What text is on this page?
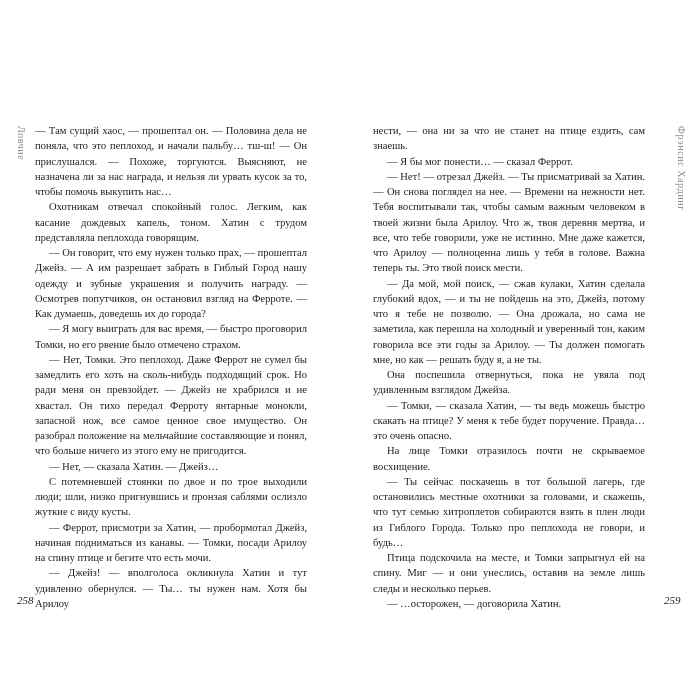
Ловчие — Там сущий хаос, — прошептал он. — Половина дела не поняла, что это пеплоход, и начали пальбу… тш-ш! — Он прислушался. — Похоже, торгуются. Выясняют, не назначена ли за нас награда, и нельзя ли урвать кусок за то, чтобы помочь выкупить нас…

Охотникам отвечал спокойный голос. Легким, как касание дождевых капель, тоном. Хатин с трудом представляла пеплохода говорящим.

— Он говорит, что ему нужен только прах, — прошептал Джейз. — А им разрешает забрать в Гиблый Город нашу одежду и зубные украшения и получить награду. — Осмотрев попутчиков, он остановил взгляд на Ферроте. — Как думаешь, доведешь их до города?

— Я могу выиграть для вас время, — быстро проговорил Томки, но его рвение было отмечено страхом.

— Нет, Томки. Это пеплоход. Даже Феррот не сумел бы замедлить его хоть на сколь-нибудь подходящий срок. Но ради меня он превзойдет. — Джейз не храбрился и не хвастал. Он тихо передал Ферроту янтарные монокли, запасной нож, все самое ценное свое имущество. Он разобрал положение на мельчайшие составляющие и понял, что больше ничего из этого ему не пригодится.

— Нет, — сказала Хатин. — Джейз…

С потемневшей стоянки по двое и по трое выходили люди; шли, низко пригнувшись и пронзая саблями ослизло жуткие с виду кусты.

— Феррот, присмотри за Хатин, — пробормотал Джейз, начиная подниматься из канавы. — Томки, посади Арилоу на спину птице и бегите что есть мочи.

— Джейз! — вполголоса окликнула Хатин и тут удивленно обернулся. — Ты… ты нужен нам. Хотя бы Арилоу

258

нести, — она ни за что не станет на птице ездить, сам знаешь.

— Я бы мог понести… — сказал Феррот.

— Нет! — отрезал Джейз. — Ты присматривай за Хатин. — Он снова поглядел на нее. — Времени на нежности нет. Тебя воспитывали так, чтобы самым важным человеком в твоей жизни была Арилоу. Что ж, твоя деревня мертва, и все, что тебе говорили, уже не истинно. Мне даже кажется, что Арилоу — полноценна лишь у тебя в голове. Важна теперь ты. Это твой поиск мести.

— Да мой, мой поиск, — сжав кулаки, Хатин сделала глубокий вдох, — и ты не пойдешь на это, Джейз, потому что я тебе не позволю. — Она дрожала, но сама не заметила, как перешла на холодный и уверенный тон, каким говорила все эти годы за Арилоу. — Ты должен помогать мне, но как — решать буду я, а не ты.

Она поспешила отвернуться, пока не увяла под удивленным взглядом Джейза.

— Томки, — сказала Хатин, — ты ведь можешь быстро скакать на птице? У меня к тебе будет поручение. Правда… это очень опасно.

На лице Томки отразилось почти не скрываемое восхищение.

— Ты сейчас поскачешь в тот большой лагерь, где остановились местные охотники за головами, и скажешь, что тут семью хитроплетов собираются взять в плен люди из Гиблого Города. Только про пеплохода не говори, и будь…

Птица подскочила на месте, и Томки запрыгнул ей на спину. Миг — и они унеслись, оставив на земле лишь следы и несколько перьев.

— …осторожен, — договорила Хатин.	259
Фрэнсис Хардинг
